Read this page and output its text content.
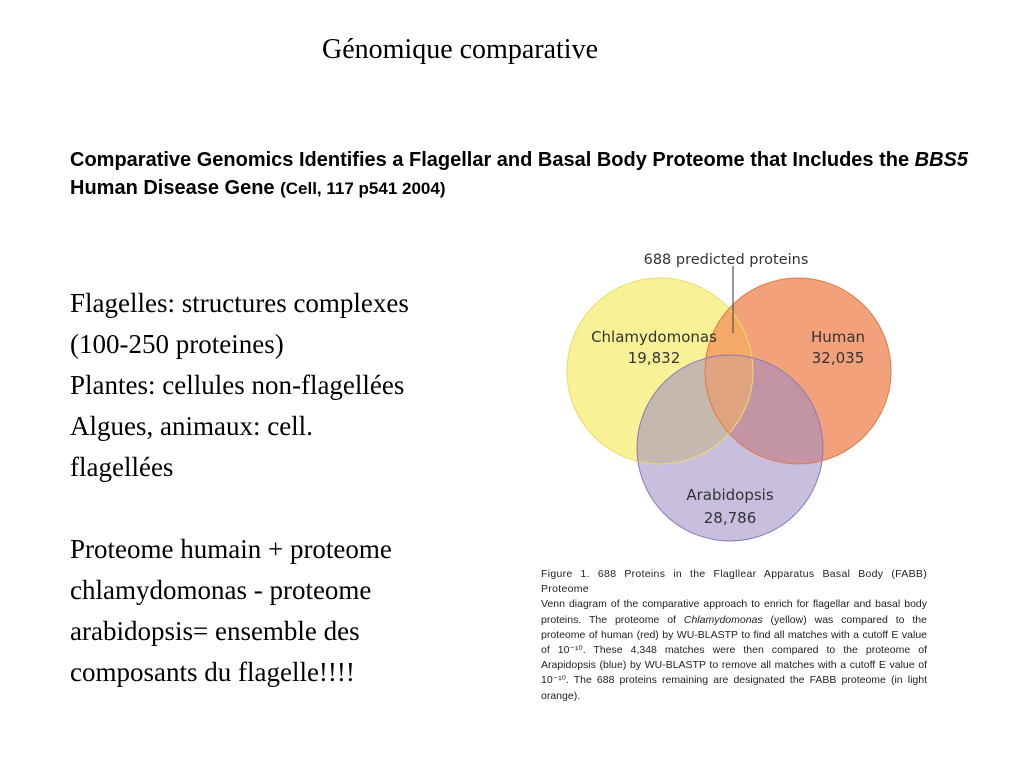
Génomique comparative
Comparative Genomics Identifies a Flagellar and Basal Body Proteome that Includes the BBS5 Human Disease Gene (Cell, 117 p541 2004)

Flagelles: structures complexes

(100-250 proteines)

Plantes: cellules non-flagellées

Algues, animaux: cell.

flagellées

Proteome humain + proteome

chlamydomonas - proteome

arabidopsis= ensemble des

composants du flagelle!!!!

688 predicted proteins
Chlamydomonas
19,832
Human
32,035
Arabidopsis
28,786
Figure 1. 688 Proteins in the Flagllear Apparatus Basal Body (FABB) Proteome
Venn diagram of the comparative approach to enrich for flagellar and basal body proteins. The proteome of Chlamydomonas (yellow) was compared to the proteome of human (red) by WU-BLASTP to find all matches with a cutoff E value of 10⁻¹⁰. These 4,348 matches were then compared to the proteome of Arapidopsis (blue) by WU-BLASTP to remove all matches with a cutoff E value of 10⁻¹⁰. The 688 proteins remaining are designated the FABB proteome (in light orange).
